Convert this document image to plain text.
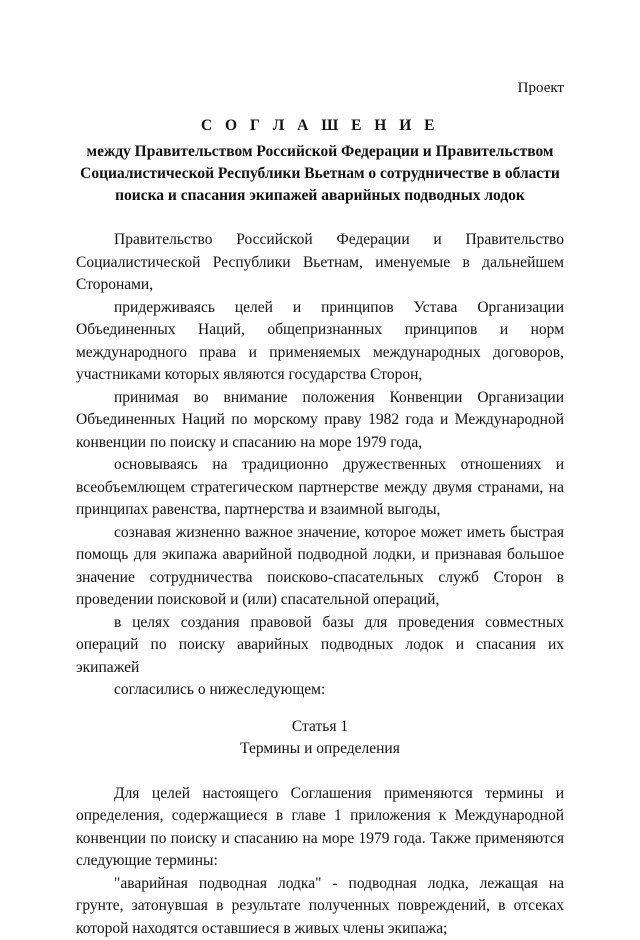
Проект
С О Г Л А Ш Е Н И Е
между Правительством Российской Федерации и Правительством Социалистической Республики Вьетнам о сотрудничестве в области поиска и спасания экипажей аварийных подводных лодок

Правительство Российской Федерации и Правительство Социалистической Республики Вьетнам, именуемые в дальнейшем Сторонами,

придерживаясь целей и принципов Устава Организации Объединенных Наций, общепризнанных принципов и норм международного права и применяемых международных договоров, участниками которых являются государства Сторон,

принимая во внимание положения Конвенции Организации Объединенных Наций по морскому праву 1982 года и Международной конвенции по поиску и спасанию на море 1979 года,

основываясь на традиционно дружественных отношениях и всеобъемлющем стратегическом партнерстве между двумя странами, на принципах равенства, партнерства и взаимной выгоды,

сознавая жизненно важное значение, которое может иметь быстрая помощь для экипажа аварийной подводной лодки, и признавая большое значение сотрудничества поисково-спасательных служб Сторон в проведении поисковой и (или) спасательной операций,

в целях создания правовой базы для проведения совместных операций по поиску аварийных подводных лодок и спасания их экипажей

согласились о нижеследующем:

Статья 1

Термины и определения

Для целей настоящего Соглашения применяются термины и определения, содержащиеся в главе 1 приложения к Международной конвенции по поиску и спасанию на море 1979 года. Также применяются следующие термины:

"аварийная подводная лодка" - подводная лодка, лежащая на грунте, затонувшая в результате полученных повреждений, в отсеках которой находятся оставшиеся в живых члены экипажа;
